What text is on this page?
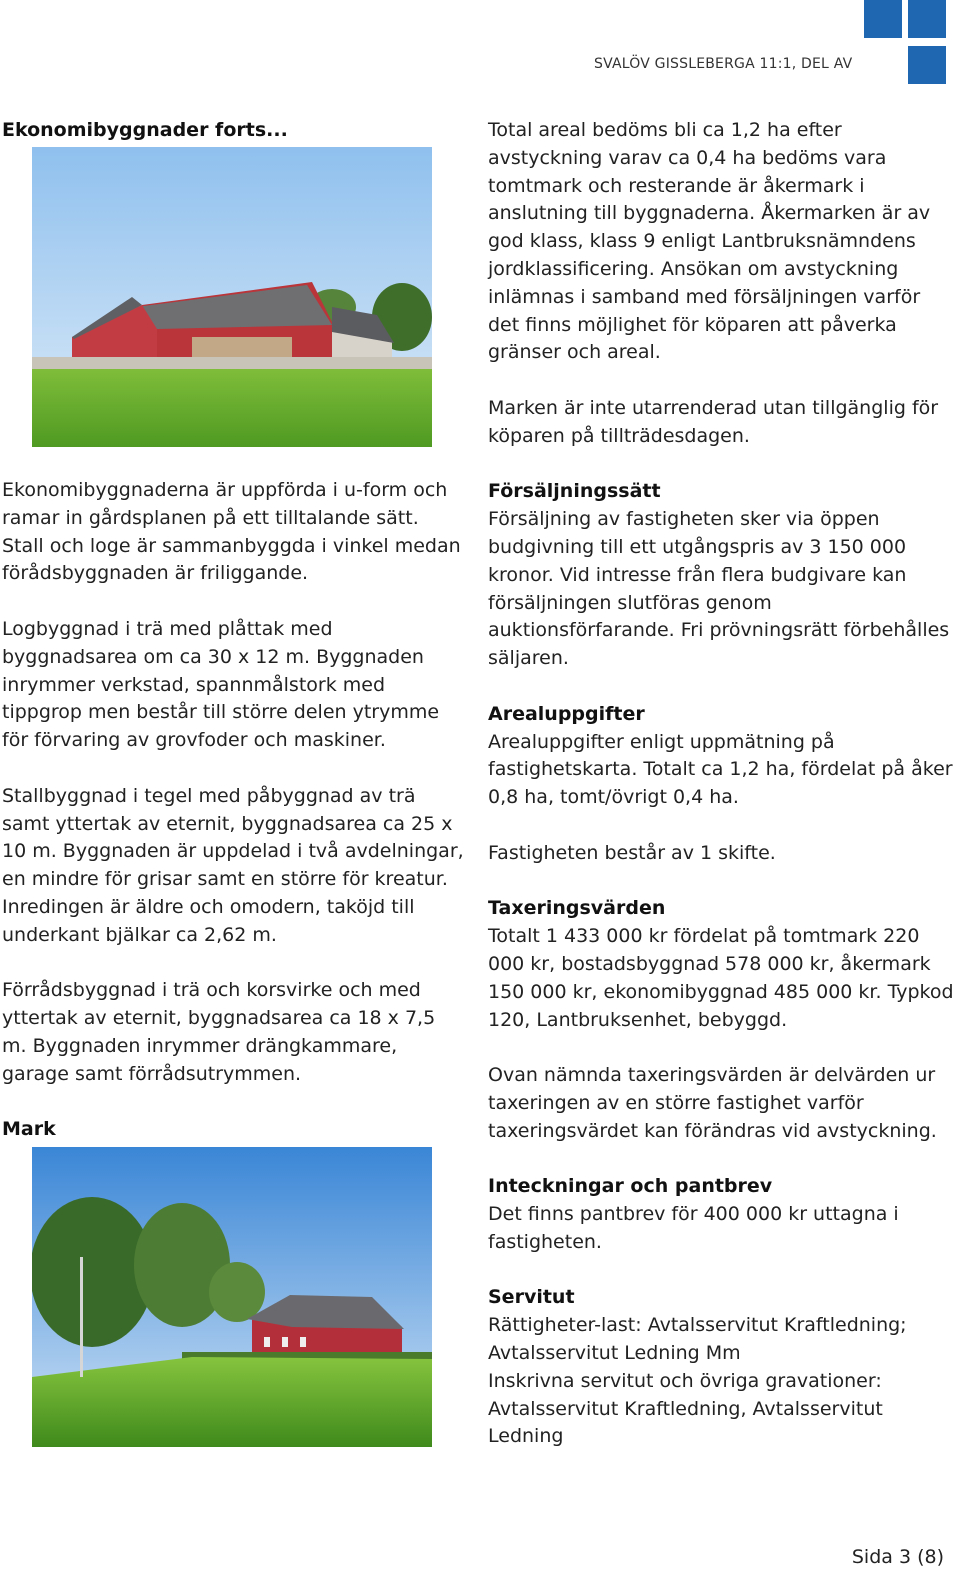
SVALÖV GISSLEBERGA 11:1, DEL AV

Ekonomibyggnader forts...

Ekonomibyggnaderna är uppförda i u-form och ramar in gårdsplanen på ett tilltalande sätt. Stall och loge är sammanbyggda i vinkel medan förådsbyggnaden är friliggande.

Logbyggnad i trä med plåttak med byggnadsarea om ca 30 x 12 m. Byggnaden inrymmer verkstad, spannmålstork med tippgrop men består till större delen ytrymme för förvaring av grovfoder och maskiner.

Stallbyggnad i tegel med påbyggnad av trä samt yttertak av eternit, byggnadsarea ca 25 x 10 m. Byggnaden är uppdelad i två avdelningar, en mindre för grisar samt en större för kreatur. Inredingen är äldre och omodern, taköjd till underkant bjälkar ca 2,62 m.

Förrådsbyggnad i trä och korsvirke och med yttertak av eternit, byggnadsarea ca 18 x 7,5 m. Byggnaden inrymmer drängkammare, garage samt förrådsutrymmen.

Mark

Total areal bedöms bli ca 1,2 ha efter avstyckning varav ca 0,4 ha bedöms vara tomtmark och resterande är åkermark i anslutning till byggnaderna. Åkermarken är av god klass, klass 9 enligt Lantbruksnämndens jordklassificering. Ansökan om avstyckning inlämnas i samband med försäljningen varför det finns möjlighet för köparen att påverka gränser och areal.

Marken är inte utarrenderad utan tillgänglig för köparen på tillträdesdagen.

Försäljningssätt

Försäljning av fastigheten sker via öppen budgivning till ett utgångspris av 3 150 000 kronor. Vid intresse från flera budgivare kan försäljningen slutföras genom auktionsförfarande. Fri prövningsrätt förbehålles säljaren.

Arealuppgifter

Arealuppgifter enligt uppmätning på fastighetskarta. Totalt ca 1,2 ha, fördelat på åker 0,8 ha, tomt/övrigt 0,4 ha.

Fastigheten består av 1 skifte.

Taxeringsvärden

Totalt 1 433 000 kr fördelat på tomtmark 220 000 kr, bostadsbyggnad 578 000 kr, åkermark 150 000 kr, ekonomibyggnad 485 000 kr. Typkod 120, Lantbruksenhet, bebyggd.

Ovan nämnda taxeringsvärden är delvärden ur taxeringen av en större fastighet varför taxeringsvärdet kan förändras vid avstyckning.

Inteckningar och pantbrev

Det finns pantbrev för 400 000 kr uttagna i fastigheten.

Servitut

Rättigheter-last: Avtalsservitut Kraftledning; Avtalsservitut Ledning Mm

Inskrivna servitut och övriga gravationer: Avtalsservitut Kraftledning, Avtalsservitut Ledning

Sida 3 (8)
